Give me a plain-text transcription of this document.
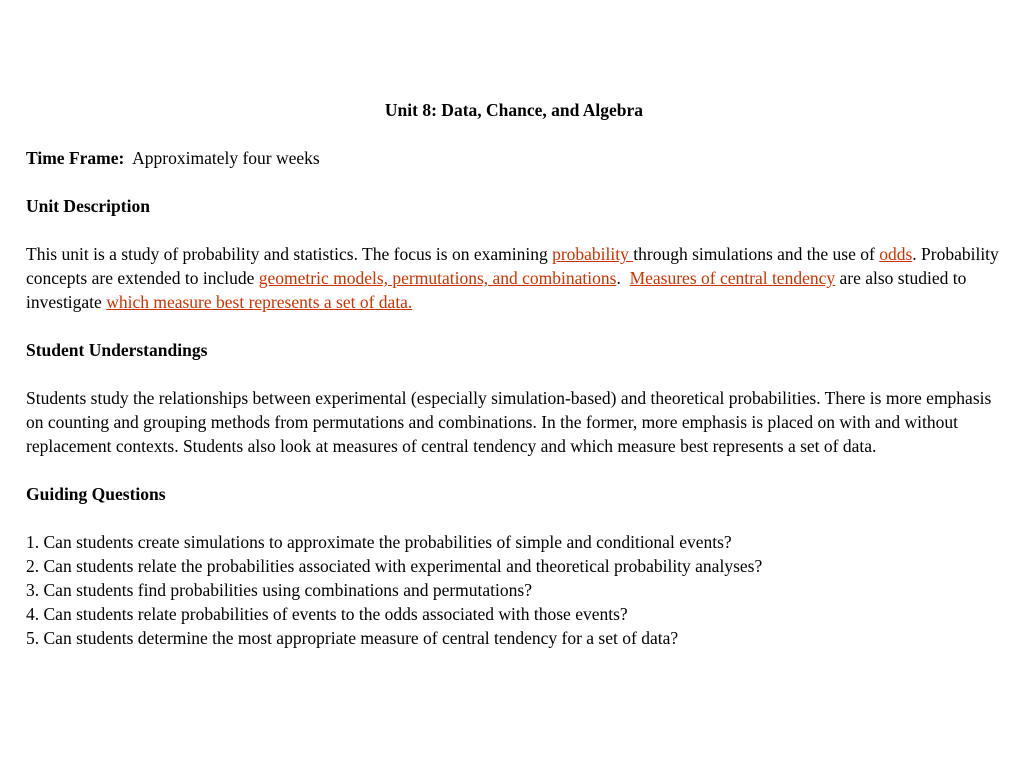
Unit 8: Data, Chance, and Algebra
Time Frame: Approximately four weeks
Unit Description
This unit is a study of probability and statistics. The focus is on examining probability through simulations and the use of odds. Probability concepts are extended to include geometric models, permutations, and combinations.  Measures of central tendency are also studied to investigate which measure best represents a set of data.
Student Understandings
Students study the relationships between experimental (especially simulation-based) and theoretical probabilities. There is more emphasis on counting and grouping methods from permutations and combinations. In the former, more emphasis is placed on with and without replacement contexts. Students also look at measures of central tendency and which measure best represents a set of data.
Guiding Questions
1. Can students create simulations to approximate the probabilities of simple and conditional events?
2. Can students relate the probabilities associated with experimental and theoretical probability analyses?
3. Can students find probabilities using combinations and permutations?
4. Can students relate probabilities of events to the odds associated with those events?
5. Can students determine the most appropriate measure of central tendency for a set of data?
